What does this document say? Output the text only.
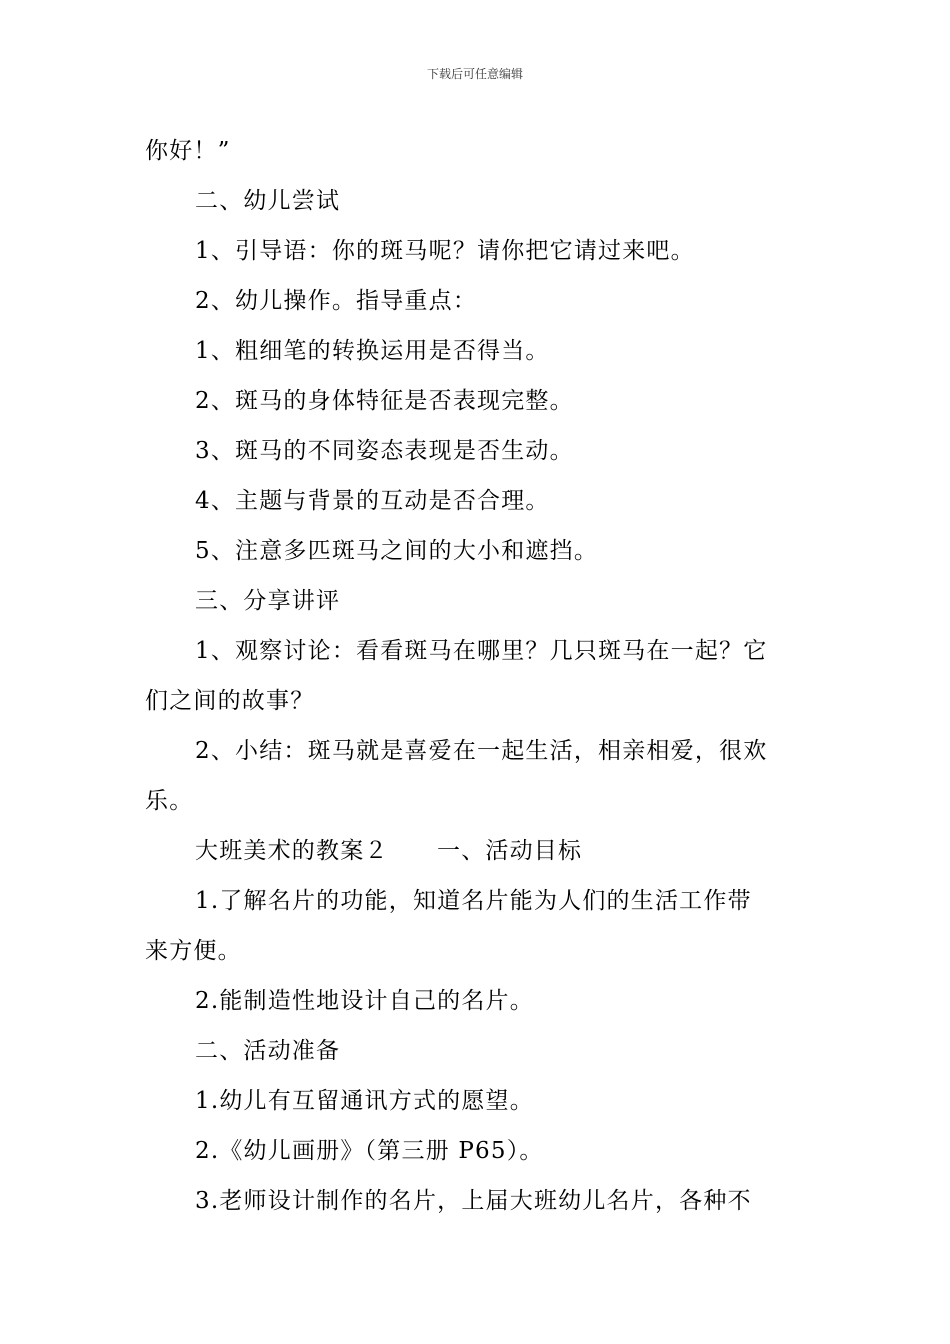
下载后可任意编辑
你好！”
二、幼儿尝试
1、引导语：你的斑马呢？请你把它请过来吧。
2、幼儿操作。指导重点：
1、粗细笔的转换运用是否得当。
2、斑马的身体特征是否表现完整。
3、斑马的不同姿态表现是否生动。
4、主题与背景的互动是否合理。
5、注意多匹斑马之间的大小和遮挡。
三、分享讲评
1、观察讨论：看看斑马在哪里？几只斑马在一起？它
们之间的故事？
2、小结：斑马就是喜爱在一起生活，相亲相爱，很欢
乐。
大班美术的教案２　　一、活动目标
1.了解名片的功能，知道名片能为人们的生活工作带
来方便。
2.能制造性地设计自己的名片。
二、活动准备
1.幼儿有互留通讯方式的愿望。
2.《幼儿画册》（第三册 P65）。
3.老师设计制作的名片，上届大班幼儿名片，各种不
